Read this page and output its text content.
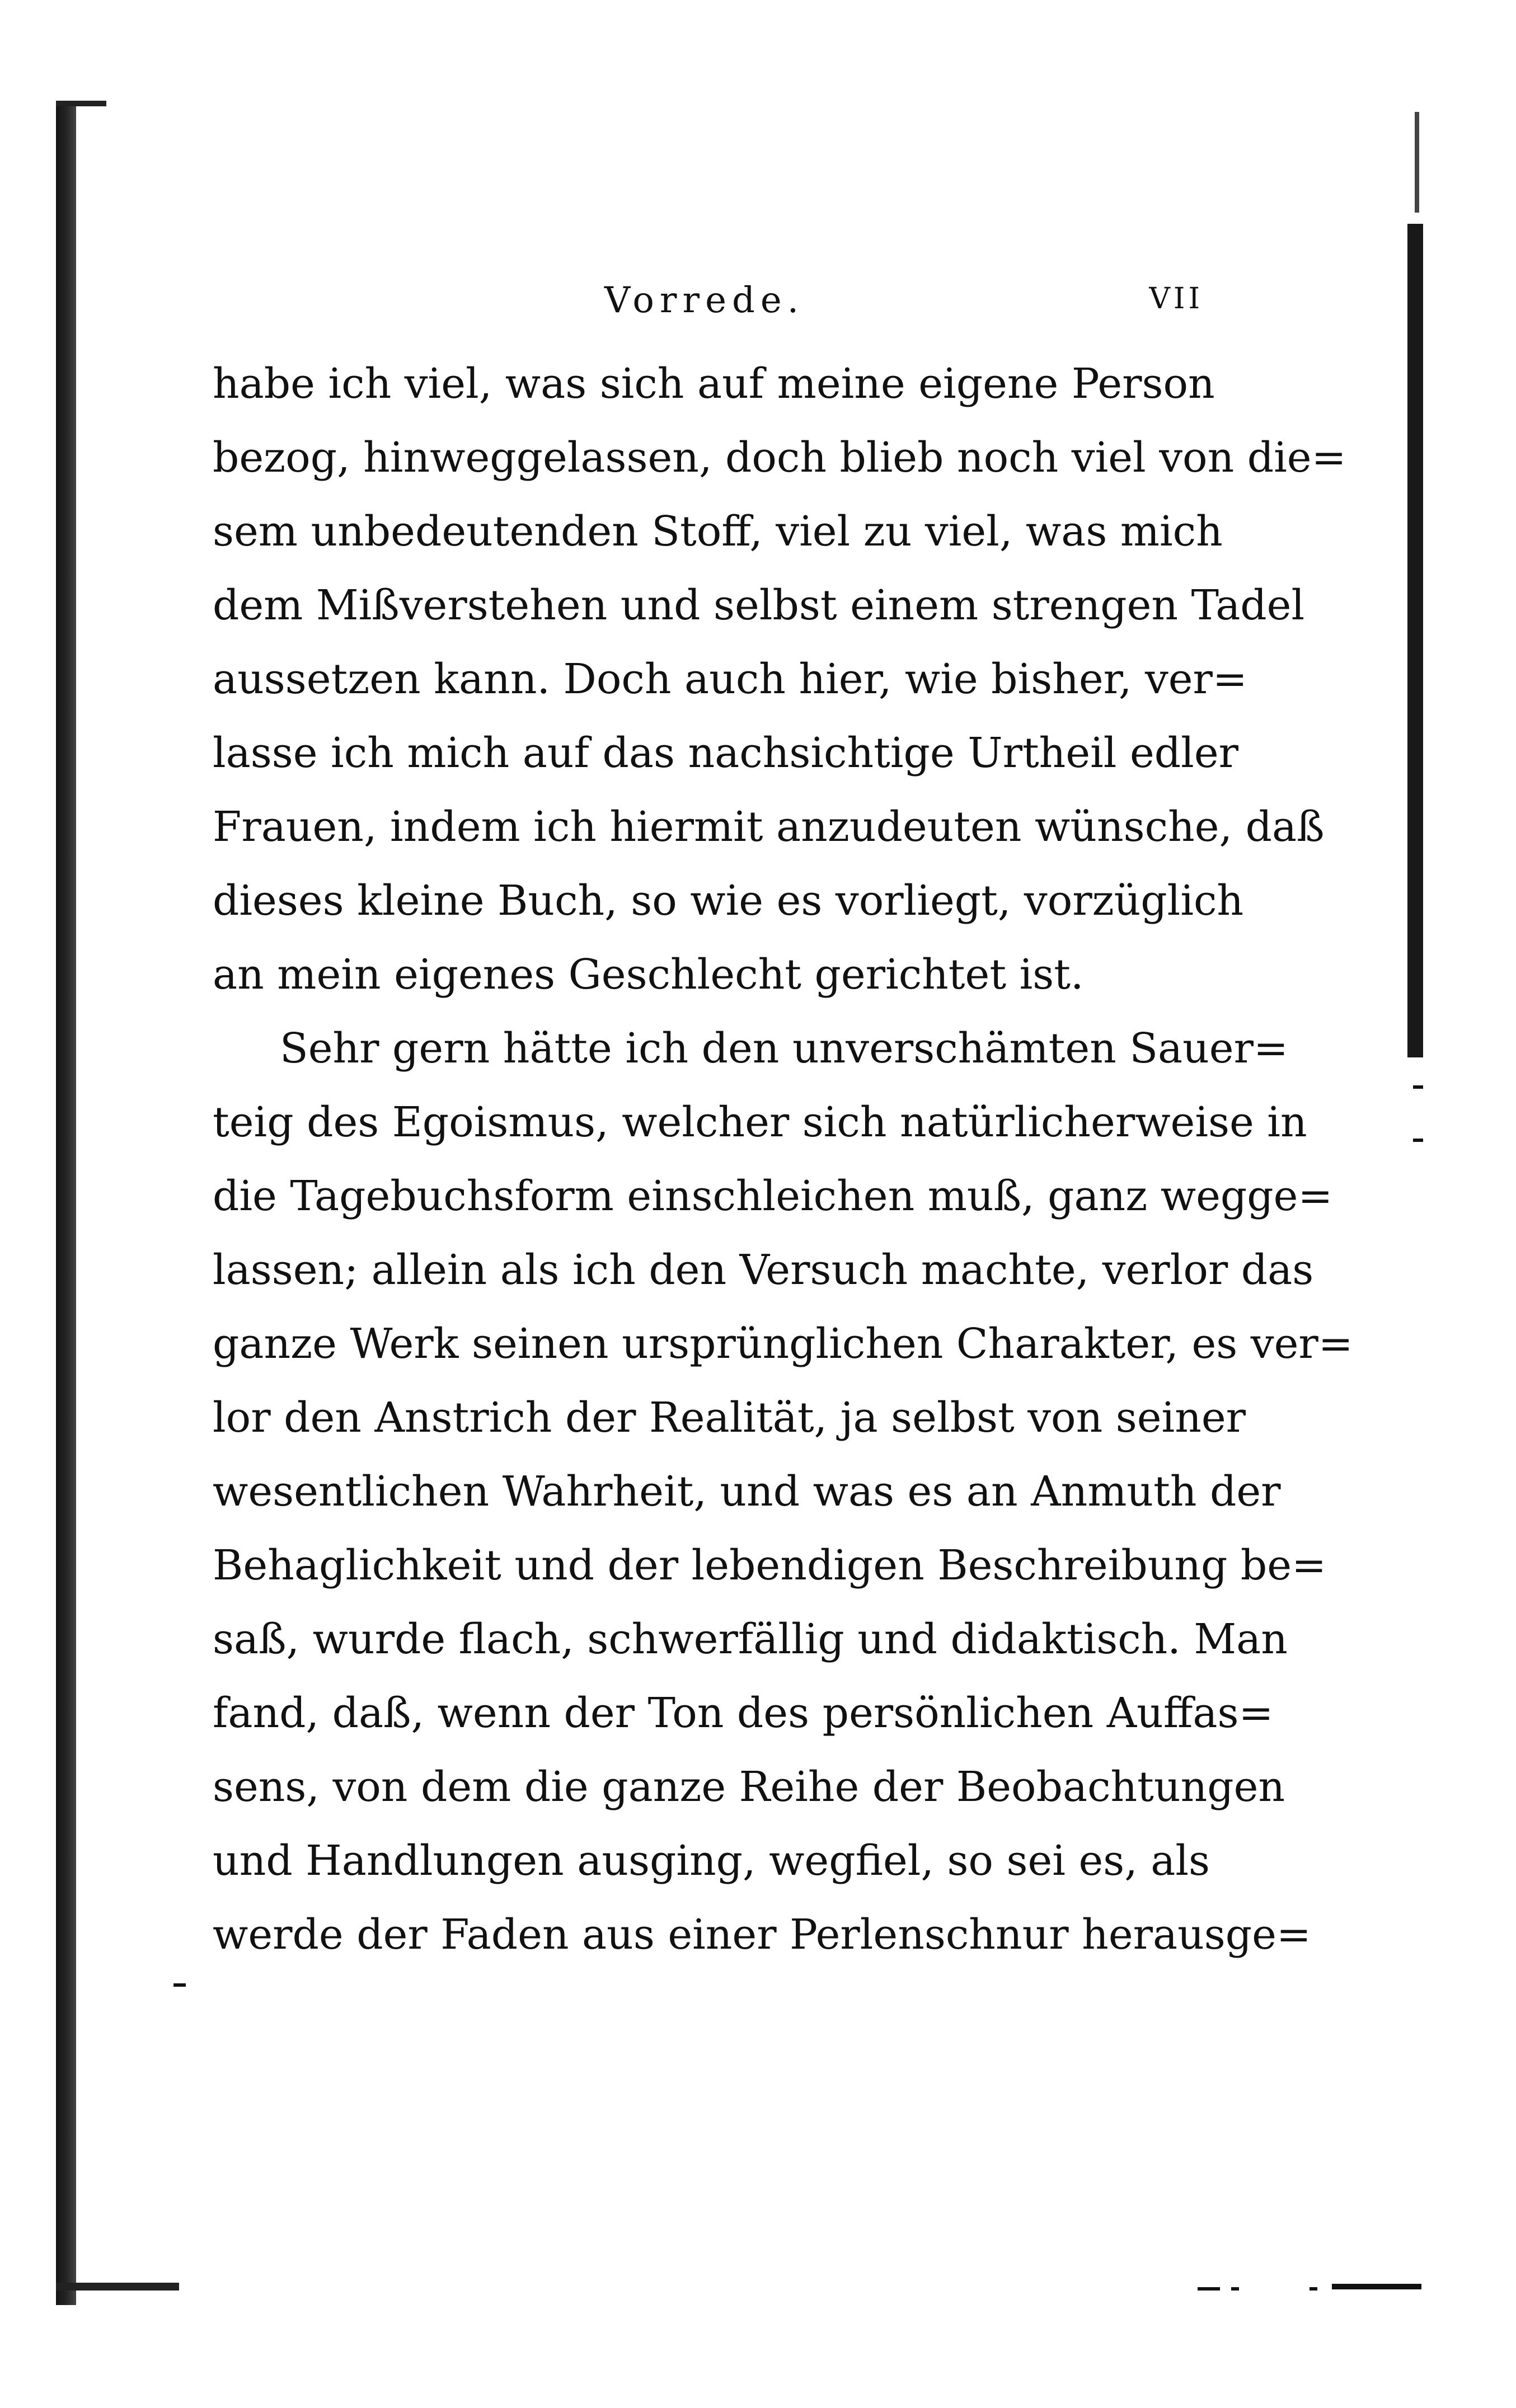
Vorrede.	VII
habe ich viel, was sich auf meine eigene Person
bezog, hinweggelassen, doch blieb noch viel von die=
sem unbedeutenden Stoff, viel zu viel, was mich
dem Mißverstehen und selbst einem strengen Tadel
aussetzen kann. Doch auch hier, wie bisher, ver=
lasse ich mich auf das nachsichtige Urtheil edler
Frauen, indem ich hiermit anzudeuten wünsche, daß
dieses kleine Buch, so wie es vorliegt, vorzüglich
an mein eigenes Geschlecht gerichtet ist.
Sehr gern hätte ich den unverschämten Sauer=
teig des Egoismus, welcher sich natürlicherweise in
die Tagebuchsform einschleichen muß, ganz wegge=
lassen; allein als ich den Versuch machte, verlor das
ganze Werk seinen ursprünglichen Charakter, es ver=
lor den Anstrich der Realität, ja selbst von seiner
wesentlichen Wahrheit, und was es an Anmuth der
Behaglichkeit und der lebendigen Beschreibung be=
saß, wurde flach, schwerfällig und didaktisch. Man
fand, daß, wenn der Ton des persönlichen Auffas=
sens, von dem die ganze Reihe der Beobachtungen
und Handlungen ausging, wegfiel, so sei es, als
werde der Faden aus einer Perlenschnur herausge=
